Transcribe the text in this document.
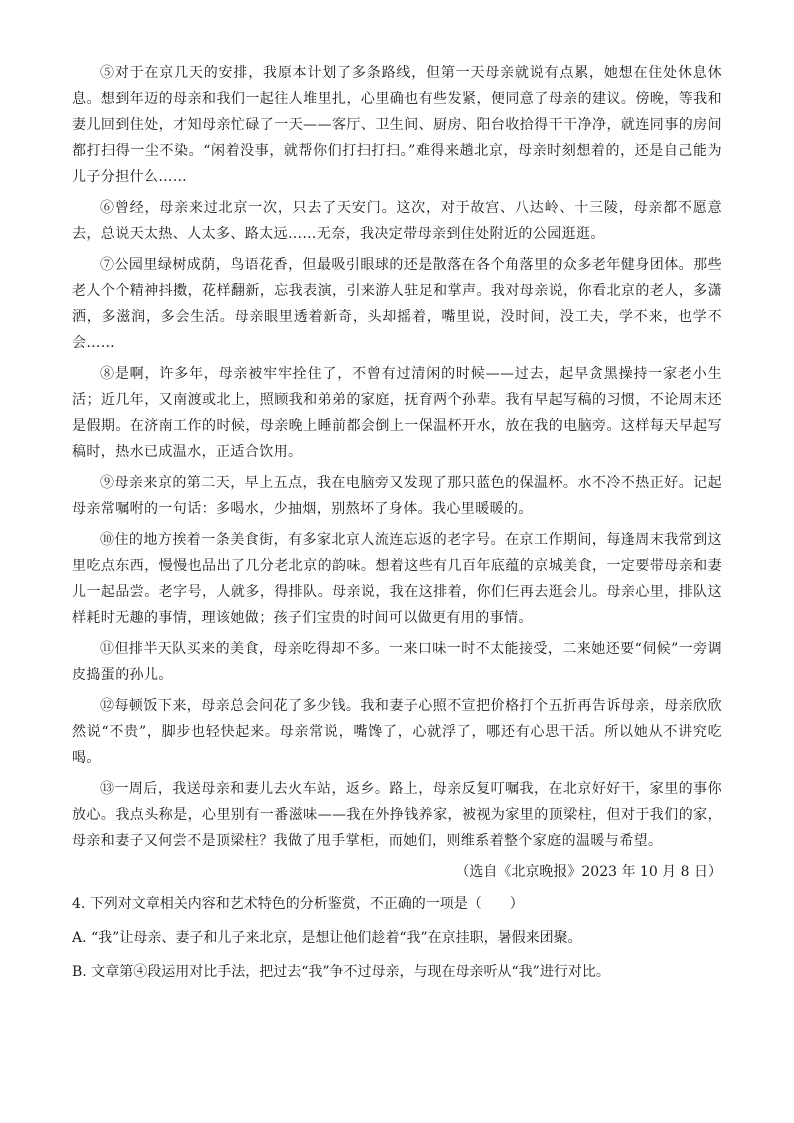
⑤对于在京几天的安排，我原本计划了多条路线，但第一天母亲就说有点累，她想在住处休息休息。想到年迈的母亲和我们一起往人堆里扎，心里确也有些发紧，便同意了母亲的建议。傍晚，等我和妻儿回到住处，才知母亲忙碌了一天——客厅、卫生间、厨房、阳台收拾得干干净净，就连同事的房间都打扫得一尘不染。“闲着没事，就帮你们打扫打扫。”难得来趟北京，母亲时刻想着的，还是自己能为儿子分担什么……

⑥曾经，母亲来过北京一次，只去了天安门。这次，对于故宫、八达岭、十三陵，母亲都不愿意去，总说天太热、人太多、路太远……无奈，我决定带母亲到住处附近的公园逛逛。

⑦公园里绿树成荫，鸟语花香，但最吸引眼球的还是散落在各个角落里的众多老年健身团体。那些老人个个精神抖擞，花样翻新，忘我表演，引来游人驻足和掌声。我对母亲说，你看北京的老人，多潇洒，多滋润，多会生活。母亲眼里透着新奇，头却摇着，嘴里说，没时间，没工夫，学不来，也学不会……

⑧是啊，许多年，母亲被牢牢拴住了，不曾有过清闲的时候——过去，起早贪黑操持一家老小生活；近几年，又南渡或北上，照顾我和弟弟的家庭，抚育两个孙辈。我有早起写稿的习惯，不论周末还是假期。在济南工作的时候，母亲晚上睡前都会倒上一保温杯开水，放在我的电脑旁。这样每天早起写稿时，热水已成温水，正适合饮用。

⑨母亲来京的第二天，早上五点，我在电脑旁又发现了那只蓝色的保温杯。水不冷不热正好。记起母亲常嘱咐的一句话：多喝水，少抽烟，别熬坏了身体。我心里暖暖的。

⑩住的地方挨着一条美食街，有多家北京人流连忘返的老字号。在京工作期间，每逢周末我常到这里吃点东西，慢慢也品出了几分老北京的韵味。想着这些有几百年底蕴的京城美食，一定要带母亲和妻儿一起品尝。老字号，人就多，得排队。母亲说，我在这排着，你们仨再去逛会儿。母亲心里，排队这样耗时无趣的事情，理该她做；孩子们宝贵的时间可以做更有用的事情。

⑪但排半天队买来的美食，母亲吃得却不多。一来口味一时不太能接受，二来她还要“伺候”一旁调皮捣蛋的孙儿。

⑫每顿饭下来，母亲总会问花了多少钱。我和妻子心照不宣把价格打个五折再告诉母亲，母亲欣欣然说“不贵”，脚步也轻快起来。母亲常说，嘴馋了，心就浮了，哪还有心思干活。所以她从不讲究吃喝。

⑬一周后，我送母亲和妻儿去火车站，返乡。路上，母亲反复叮嘱我，在北京好好干，家里的事你放心。我点头称是，心里别有一番滋味——我在外挣钱养家，被视为家里的顶梁柱，但对于我们的家，母亲和妻子又何尝不是顶梁柱？我做了甩手掌柜，而她们，则维系着整个家庭的温暖与希望。

（选自《北京晚报》2023 年 10 月 8 日）

4. 下列对文章相关内容和艺术特色的分析鉴赏，不正确的一项是（　　）

A. “我”让母亲、妻子和儿子来北京，是想让他们趁着“我”在京挂职，暑假来团聚。

B. 文章第④段运用对比手法，把过去“我”争不过母亲，与现在母亲听从“我”进行对比。
